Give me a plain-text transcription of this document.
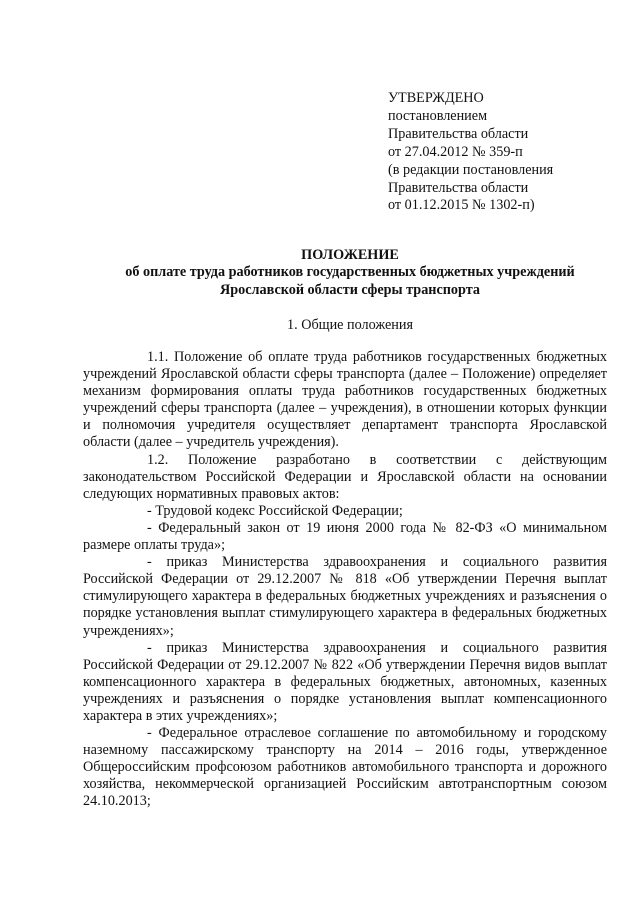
УТВЕРЖДЕНО
постановлением
Правительства области
от 27.04.2012 № 359-п
(в редакции постановления
Правительства области
от 01.12.2015 № 1302-п)
ПОЛОЖЕНИЕ
об оплате труда работников государственных бюджетных учреждений
Ярославской области сферы транспорта
1. Общие положения

1.1. Положение об оплате труда работников государственных бюджетных учреждений Ярославской области сферы транспорта (далее – Положение) определяет механизм формирования оплаты труда работников государственных бюджетных учреждений сферы транспорта (далее – учреждения), в отношении которых функции и полномочия учредителя осуществляет департамент транспорта Ярославской области (далее – учредитель учреждения).

1.2. Положение разработано в соответствии с действующим законодательством Российской Федерации и Ярославской области на основании следующих нормативных правовых актов:

- Трудовой кодекс Российской Федерации;

- Федеральный закон от 19 июня 2000 года № 82-ФЗ «О минимальном размере оплаты труда»;

- приказ Министерства здравоохранения и социального развития Российской Федерации от 29.12.2007 № 818 «Об утверждении Перечня выплат стимулирующего характера в федеральных бюджетных учреждениях и разъяснения о порядке установления выплат стимулирующего характера в федеральных бюджетных учреждениях»;

- приказ Министерства здравоохранения и социального развития Российской Федерации от 29.12.2007 № 822 «Об утверждении Перечня видов выплат компенсационного характера в федеральных бюджетных, автономных, казенных учреждениях и разъяснения о порядке установления выплат компенсационного характера в этих учреждениях»;

- Федеральное отраслевое соглашение по автомобильному и городскому наземному пассажирскому транспорту на 2014 – 2016 годы, утвержденное Общероссийским профсоюзом работников автомобильного транспорта и дорожного хозяйства, некоммерческой организацией Российским автотранспортным союзом 24.10.2013;
